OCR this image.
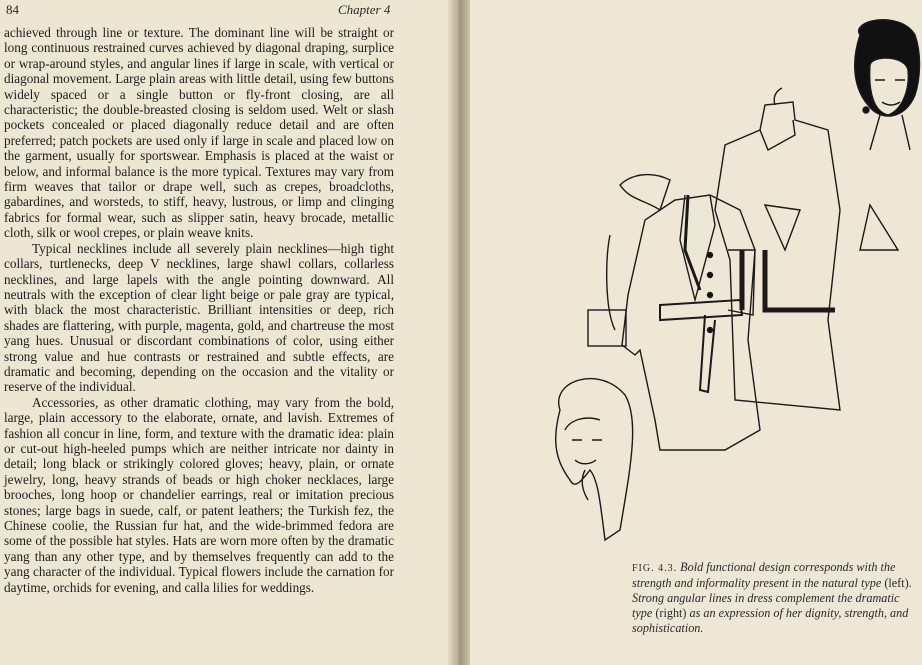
84	Chapter 4

achieved through line or texture. The dominant line will be straight or long continuous restrained curves achieved by diagonal draping, surplice or wrap-around styles, and angular lines if large in scale, with vertical or diagonal movement. Large plain areas with little detail, using few buttons widely spaced or a single button or fly-front closing, are all characteristic; the double-breasted closing is seldom used. Welt or slash pockets concealed or placed diagonally reduce detail and are often preferred; patch pockets are used only if large in scale and placed low on the garment, usually for sportswear. Emphasis is placed at the waist or below, and informal balance is the more typical. Textures may vary from firm weaves that tailor or drape well, such as crepes, broadcloths, gabardines, and worsteds, to stiff, heavy, lustrous, or limp and clinging fabrics for formal wear, such as slipper satin, heavy brocade, metallic cloth, silk or wool crepes, or plain weave knits.

Typical necklines include all severely plain necklines—high tight collars, turtlenecks, deep V necklines, large shawl collars, collarless necklines, and large lapels with the angle pointing downward. All neutrals with the exception of clear light beige or pale gray are typical, with black the most characteristic. Brilliant intensities or deep, rich shades are flattering, with purple, magenta, gold, and chartreuse the most yang hues. Unusual or discordant combinations of color, using either strong value and hue contrasts or restrained and subtle effects, are dramatic and becoming, depending on the occasion and the vitality or reserve of the individual.

Accessories, as other dramatic clothing, may vary from the bold, large, plain accessory to the elaborate, ornate, and lavish. Extremes of fashion all concur in line, form, and texture with the dramatic idea: plain or cut-out high-heeled pumps which are neither intricate nor dainty in detail; long black or strikingly colored gloves; heavy, plain, or ornate jewelry, long, heavy strands of beads or high choker necklaces, large brooches, long hoop or chandelier earrings, real or imitation precious stones; large bags in suede, calf, or patent leathers; the Turkish fez, the Chinese coolie, the Russian fur hat, and the wide-brimmed fedora are some of the possible hat styles. Hats are worn more often by the dramatic yang than any other type, and by themselves frequently can add to the yang character of the individual. Typical flowers include the carnation for daytime, orchids for evening, and calla lilies for weddings.

FIG. 4.3. Bold functional design corresponds with the strength and informality present in the natural type (left). Strong angular lines in dress complement the dramatic type (right) as an expression of her dignity, strength, and sophistication.
